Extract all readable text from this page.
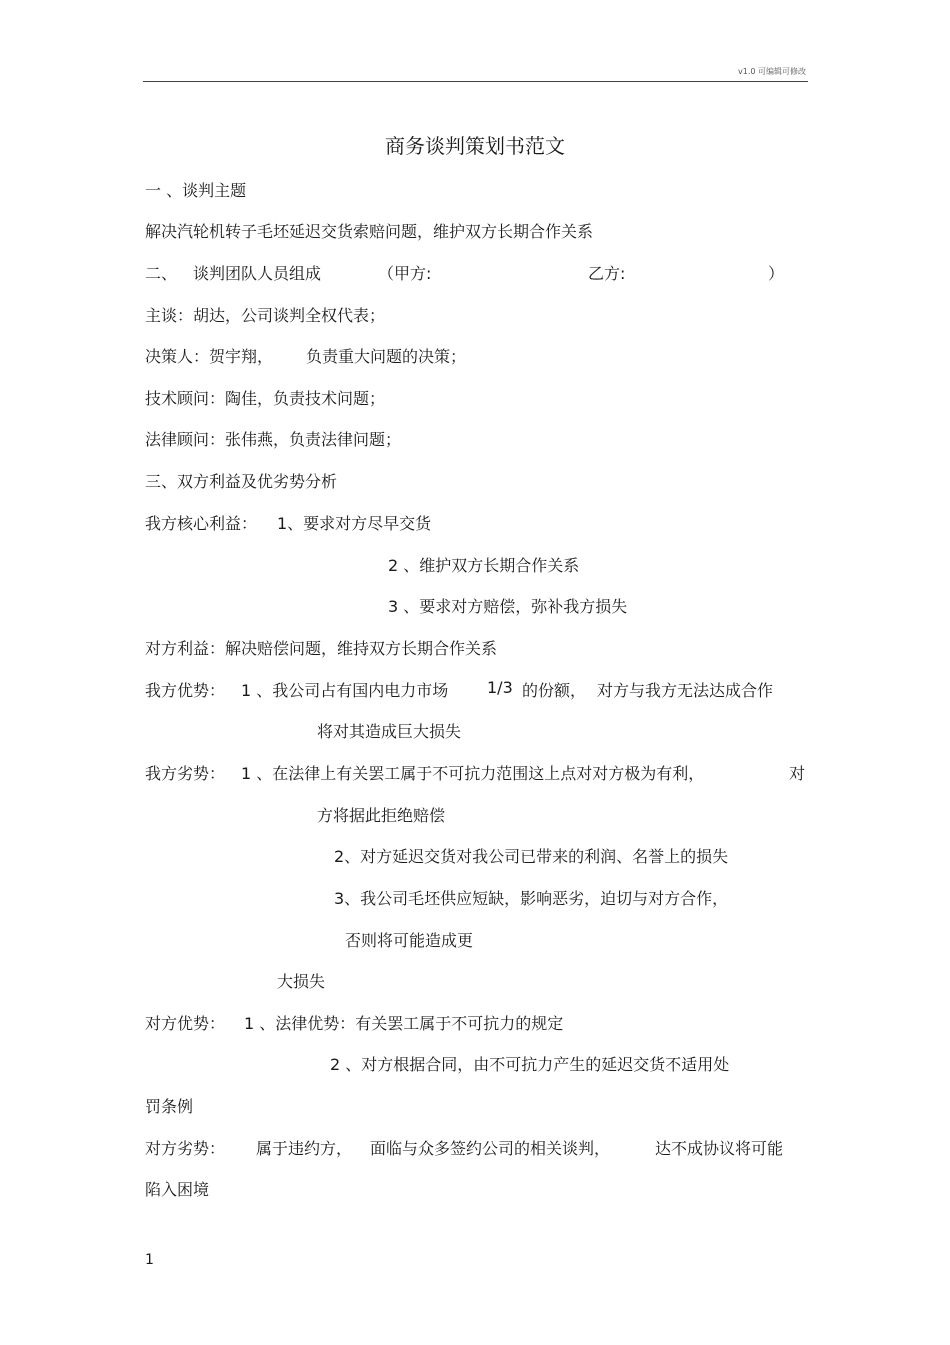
v1.0 可编辑可修改
商务谈判策划书范文
一 、谈判主题
解决汽轮机转子毛坯延迟交货索赔问题，维护双方长期合作关系
二、 谈判团队人员组成	（甲方:	乙方:	）
主谈：胡达，公司谈判全权代表；
决策人：贺宇翔， 负责重大问题的决策；
技术顾问：陶佳，负责技术问题；
法律顾问：张伟燕，负责法律问题；
三、双方利益及优劣势分析
我方核心利益： 1、要求对方尽早交货
2 、维护双方长期合作关系
3 、要求对方赔偿，弥补我方损失
对方利益：解决赔偿问题，维持双方长期合作关系
我方优势： 1 、我公司占有国内电力市场 1/3 的份额， 对方与我方无法达成合作
将对其造成巨大损失
我方劣势： 1 、在法律上有关罢工属于不可抗力范围这上点对对方极为有利，	对
方将据此拒绝赔偿
2、对方延迟交货对我公司已带来的利润、名誉上的损失
3、我公司毛坯供应短缺，影响恶劣，迫切与对方合作，
否则将可能造成更
大损失
对方优势： 1 、法律优势：有关罢工属于不可抗力的规定
2 、对方根据合同，由不可抗力产生的延迟交货不适用处
罚条例
对方劣势： 属于违约方， 面临与众多签约公司的相关谈判，	达不成协议将可能
陷入困境
1
